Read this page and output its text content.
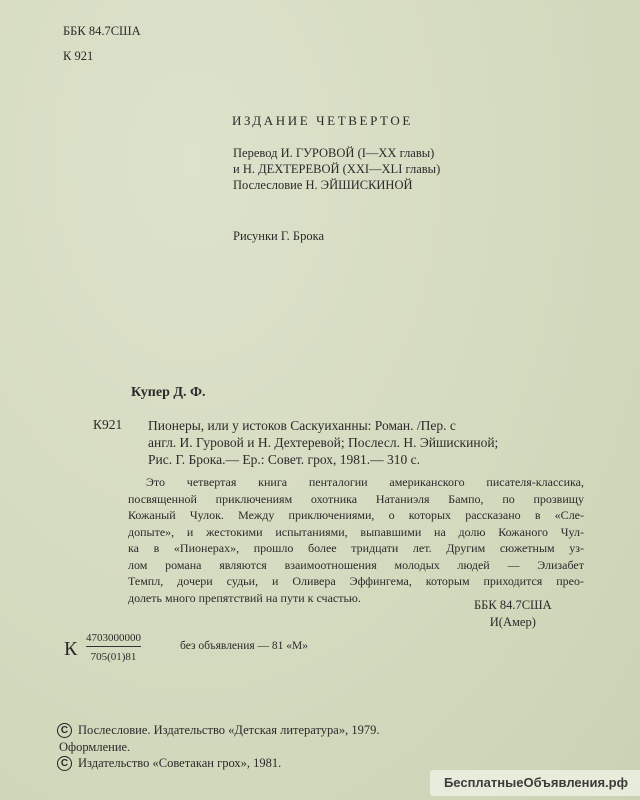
ББК 84.7США
К 921
ИЗДАНИЕ ЧЕТВЕРТОЕ
Перевод И. ГУРОВОЙ (I—XX главы)
и Н. ДЕХТЕРЕВОЙ (XXI—XLI главы)
Послесловие Н. ЭЙШИСКИНОЙ
Рисунки Г. Брока
Купер Д. Ф.
К921 Пионеры, или у истоков Саскуиханны: Роман. /Пер. с
англ. И. Гуровой и Н. Дехтеревой; Послесл. Н. Эйшискиной;
Рис. Г. Брока.— Ер.: Совет. грох, 1981.— 310 с.
Это четвертая книга пенталогии американского писателя-классика,
посвященной приключениям охотника Натаниэля Бампо, по прозвищу
Кожаный Чулок. Между приключениями, о которых рассказано в «Сле-
допыте», и жестокими испытаниями, выпавшими на долю Кожаного Чул-
ка в «Пионерах», прошло более тридцати лет. Другим сюжетным уз-
лом романа являются взаимоотношения молодых людей — Элизабет
Темпл, дочери судьи, и Оливера Эффингема, которым приходится прео-
долеть много препятствий на пути к счастью.
ББК 84.7США
И(Амер)
К $\frac{4703000000}{705(01)81}$	без объявления — 81 «М»
C Послесловие. Издательство «Детская литература», 1979.
Оформление.
C Издательство «Советакан грох», 1981.
БесплатныеОбъявления.рф
